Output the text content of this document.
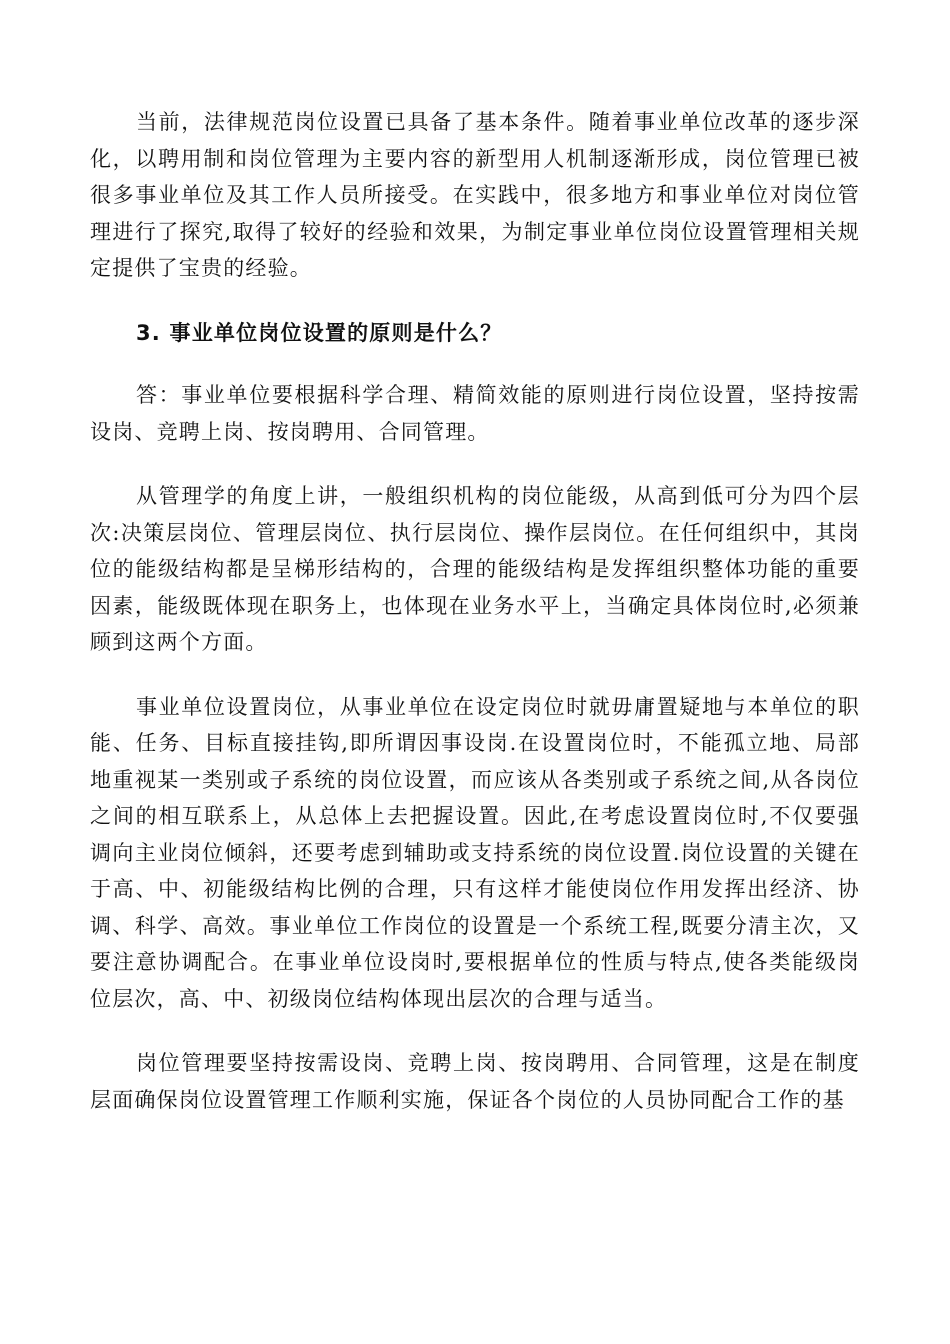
当前，法律规范岗位设置已具备了基本条件。随着事业单位改革的逐步深化，以聘用制和岗位管理为主要内容的新型用人机制逐渐形成，岗位管理已被很多事业单位及其工作人员所接受。在实践中，很多地方和事业单位对岗位管理进行了探究,取得了较好的经验和效果，为制定事业单位岗位设置管理相关规定提供了宝贵的经验。

3. 事业单位岗位设置的原则是什么？

答：事业单位要根据科学合理、精简效能的原则进行岗位设置，坚持按需设岗、竞聘上岗、按岗聘用、合同管理。

从管理学的角度上讲，一般组织机构的岗位能级，从高到低可分为四个层次:决策层岗位、管理层岗位、执行层岗位、操作层岗位。在任何组织中，其岗位的能级结构都是呈梯形结构的，合理的能级结构是发挥组织整体功能的重要因素，能级既体现在职务上，也体现在业务水平上，当确定具体岗位时,必须兼顾到这两个方面。

事业单位设置岗位，从事业单位在设定岗位时就毋庸置疑地与本单位的职能、任务、目标直接挂钩,即所谓因事设岗.在设置岗位时，不能孤立地、局部地重视某一类别或子系统的岗位设置，而应该从各类别或子系统之间,从各岗位之间的相互联系上，从总体上去把握设置。因此,在考虑设置岗位时,不仅要强调向主业岗位倾斜，还要考虑到辅助或支持系统的岗位设置.岗位设置的关键在于高、中、初能级结构比例的合理，只有这样才能使岗位作用发挥出经济、协调、科学、高效。事业单位工作岗位的设置是一个系统工程,既要分清主次，又要注意协调配合。在事业单位设岗时,要根据单位的性质与特点,使各类能级岗位层次，高、中、初级岗位结构体现出层次的合理与适当。

岗位管理要坚持按需设岗、竞聘上岗、按岗聘用、合同管理，这是在制度层面确保岗位设置管理工作顺利实施，保证各个岗位的人员协同配合工作的基
